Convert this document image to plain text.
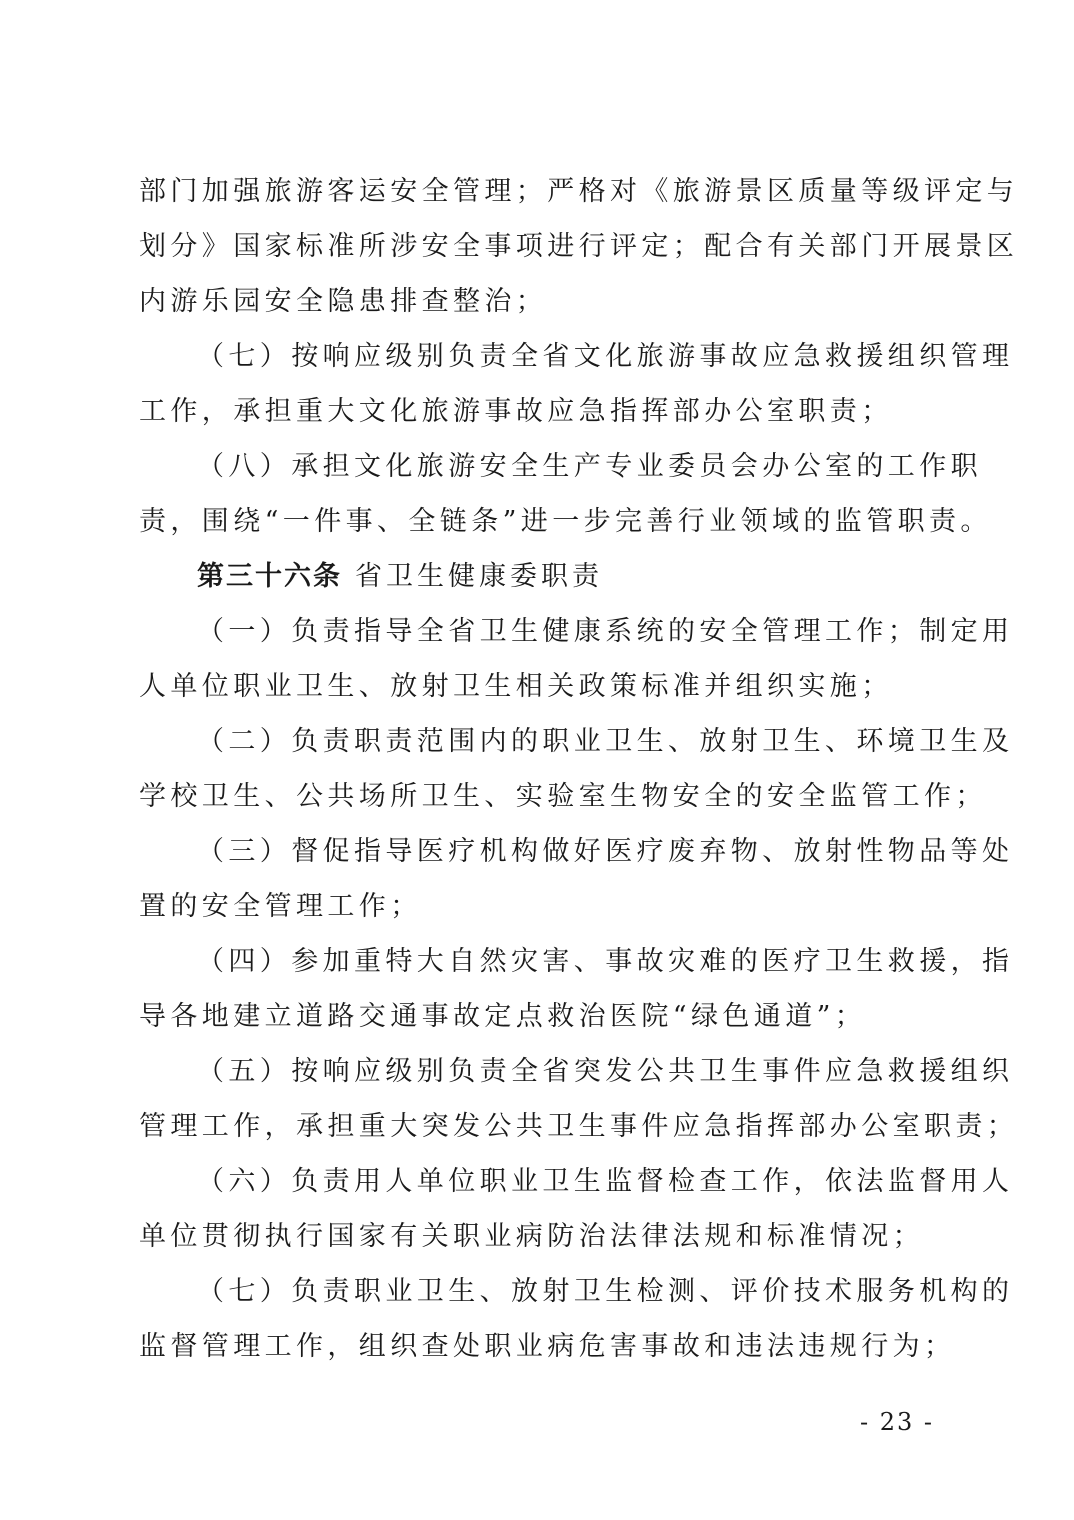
部门加强旅游客运安全管理；严格对《旅游景区质量等级评定与
划分》国家标准所涉安全事项进行评定；配合有关部门开展景区
内游乐园安全隐患排查整治；
（七）按响应级别负责全省文化旅游事故应急救援组织管理
工作，承担重大文化旅游事故应急指挥部办公室职责；
（八）承担文化旅游安全生产专业委员会办公室的工作职
责，围绕“一件事、全链条”进一步完善行业领域的监管职责。
第三十六条 省卫生健康委职责
（一）负责指导全省卫生健康系统的安全管理工作；制定用
人单位职业卫生、放射卫生相关政策标准并组织实施；
（二）负责职责范围内的职业卫生、放射卫生、环境卫生及
学校卫生、公共场所卫生、实验室生物安全的安全监管工作；
（三）督促指导医疗机构做好医疗废弃物、放射性物品等处
置的安全管理工作；
（四）参加重特大自然灾害、事故灾难的医疗卫生救援，指
导各地建立道路交通事故定点救治医院“绿色通道”；
（五）按响应级别负责全省突发公共卫生事件应急救援组织
管理工作，承担重大突发公共卫生事件应急指挥部办公室职责；
（六）负责用人单位职业卫生监督检查工作，依法监督用人
单位贯彻执行国家有关职业病防治法律法规和标准情况；
（七）负责职业卫生、放射卫生检测、评价技术服务机构的
监督管理工作，组织查处职业病危害事故和违法违规行为；
- 23 -
